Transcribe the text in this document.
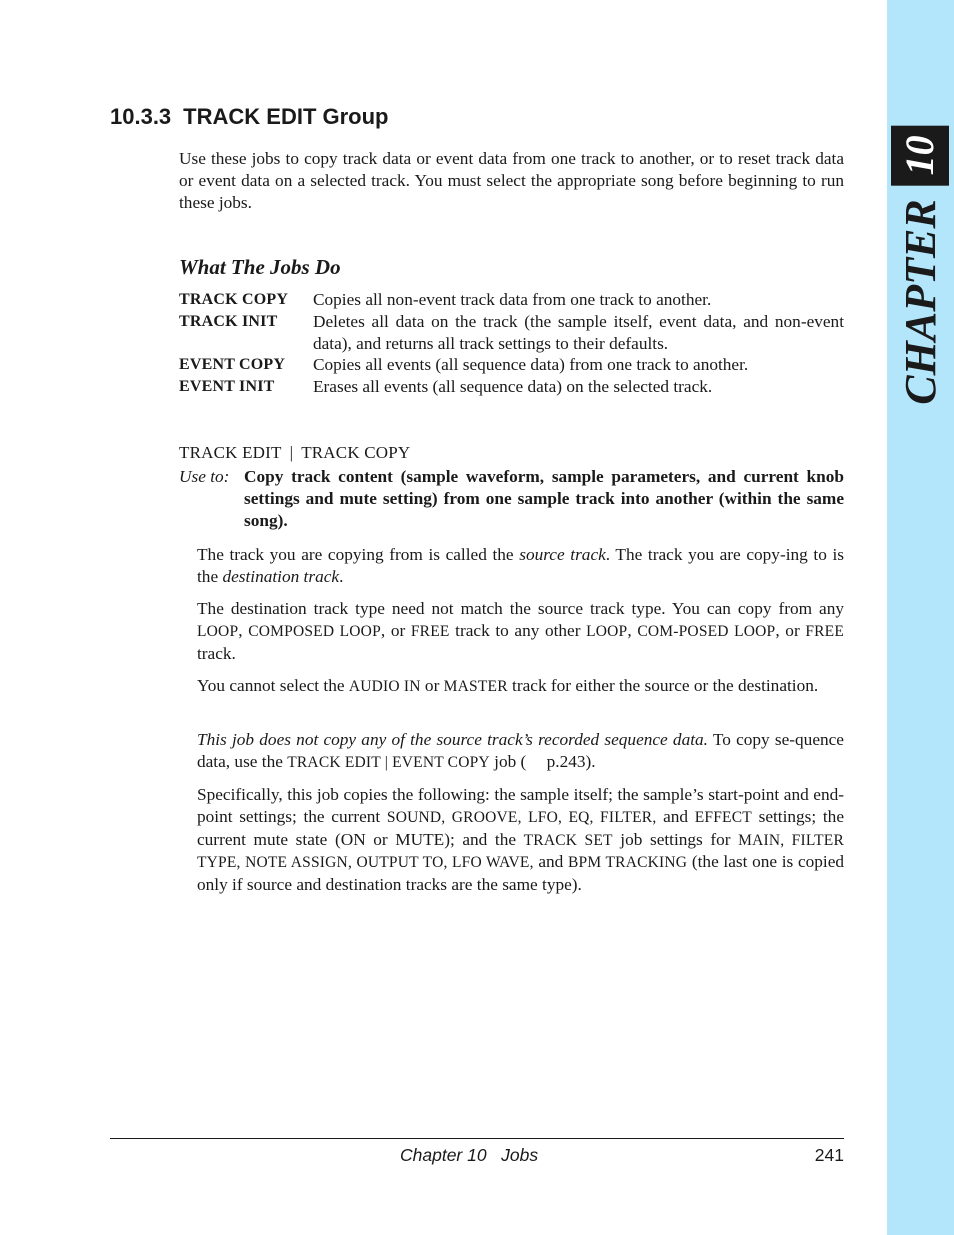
CHAPTER
10
10.3.3 TRACK EDIT Group

Use these jobs to copy track data or event data from one track to another, or to reset track data or event data on a selected track. You must select the appropriate song before beginning to run these jobs.

What The Jobs Do
TRACK COPY	Copies all non-event track data from one track to another.
TRACK INIT	Deletes all data on the track (the sample itself, event data, and non-event data), and returns all track settings to their defaults.
EVENT COPY	Copies all events (all sequence data) from one track to another.
EVENT INIT	Erases all events (all sequence data) on the selected track.

TRACK EDIT | TRACK COPY

Use to: Copy track content (sample waveform, sample parameters, and current knob settings and mute setting) from one sample track into another (within the same song).

The track you are copying from is called the source track. The track you are copy-ing to is the destination track.

The destination track type need not match the source track type. You can copy from any LOOP, COMPOSED LOOP, or FREE track to any other LOOP, COM-POSED LOOP, or FREE track.

You cannot select the AUDIO IN or MASTER track for either the source or the destination.

This job does not copy any of the source track’s recorded sequence data. To copy se-quence data, use the TRACK EDIT | EVENT COPY job ( p.243).

Specifically, this job copies the following: the sample itself; the sample’s start-point and end-point settings; the current SOUND, GROOVE, LFO, EQ, FILTER, and EFFECT settings; the current mute state (ON or MUTE); and the TRACK SET job settings for MAIN, FILTER TYPE, NOTE ASSIGN, OUTPUT TO, LFO WAVE, and BPM TRACKING (the last one is copied only if source and destination tracks are the same type).

Chapter 10   Jobs	241
